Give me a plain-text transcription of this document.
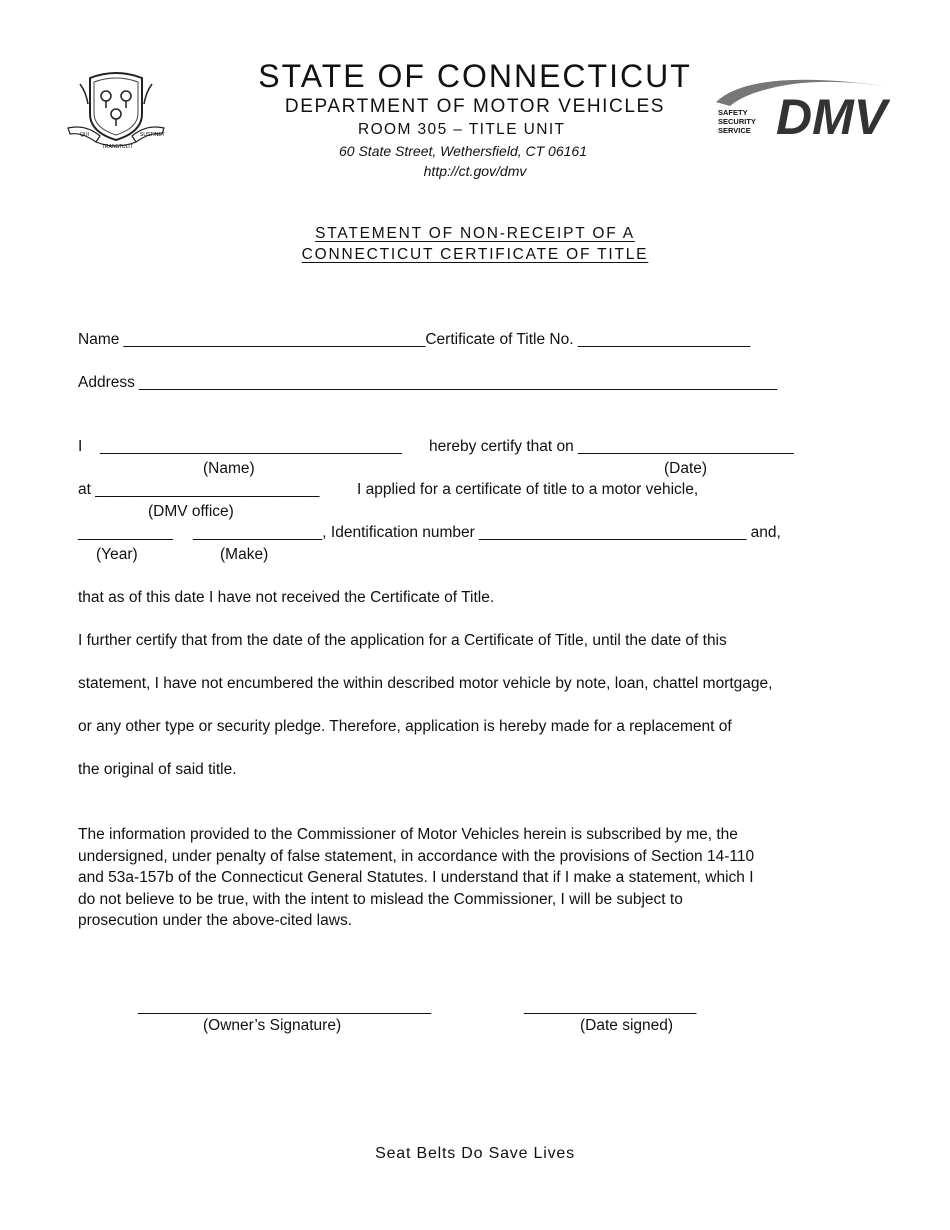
QUI
TRANSTULIT
SUSTINET
STATE OF CONNECTICUT
DEPARTMENT OF MOTOR VEHICLES
ROOM 305 – TITLE UNIT
60 State Street, Wethersfield, CT 06161
http://ct.gov/dmv
SAFETY
SECURITY
SERVICE DMV
STATEMENT OF NON-RECEIPT OF A
CONNECTICUT CERTIFICATE OF TITLE
Name ___________________________________Certificate of Title No. ____________________
Address __________________________________________________________________________
I ___________________________________ hereby certify that on _________________________
(Name)	(Date)
at __________________________ I applied for a certificate of title to a motor vehicle,
(DMV office)
___________ _______________, Identification number _______________________________ and,
(Year)	(Make)
that as of this date I have not received the Certificate of Title.
I further certify that from the date of the application for a Certificate of Title, until the date of this
statement, I have not encumbered the within described motor vehicle by note, loan, chattel mortgage,
or any other type or security pledge. Therefore, application is hereby made for a replacement of
the original of said title.
The information provided to the Commissioner of Motor Vehicles herein is subscribed by me, the
undersigned, under penalty of false statement, in accordance with the provisions of Section 14-110
and 53a-157b of the Connecticut General Statutes. I understand that if I make a statement, which I
do not believe to be true, with the intent to mislead the Commissioner, I will be subject to
prosecution under the above-cited laws.
__________________________________
(Owner’s Signature)
____________________
(Date signed)
Seat Belts Do Save Lives
